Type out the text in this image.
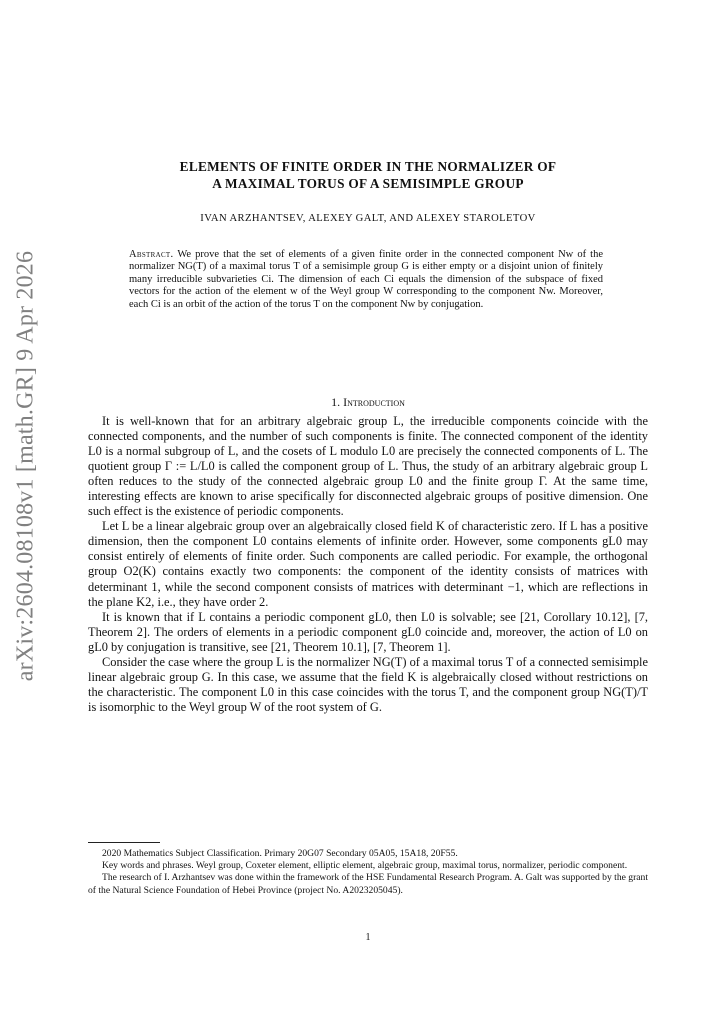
arXiv:2604.08108v1 [math.GR] 9 Apr 2026
ELEMENTS OF FINITE ORDER IN THE NORMALIZER OF
A MAXIMAL TORUS OF A SEMISIMPLE GROUP
IVAN ARZHANTSEV, ALEXEY GALT, AND ALEXEY STAROLETOV
Abstract. We prove that the set of elements of a given finite order in the connected component Nw of the normalizer NG(T) of a maximal torus T of a semisimple group G is either empty or a disjoint union of finitely many irreducible subvarieties Ci. The dimension of each Ci equals the dimension of the subspace of fixed vectors for the action of the element w of the Weyl group W corresponding to the component Nw. Moreover, each Ci is an orbit of the action of the torus T on the component Nw by conjugation.
1. Introduction

It is well-known that for an arbitrary algebraic group L, the irreducible components coincide with the connected components, and the number of such components is finite. The connected component of the identity L0 is a normal subgroup of L, and the cosets of L modulo L0 are precisely the connected components of L. The quotient group Γ := L/L0 is called the component group of L. Thus, the study of an arbitrary algebraic group L often reduces to the study of the connected algebraic group L0 and the finite group Γ. At the same time, interesting effects are known to arise specifically for disconnected algebraic groups of positive dimension. One such effect is the existence of periodic components.

Let L be a linear algebraic group over an algebraically closed field K of characteristic zero. If L has a positive dimension, then the component L0 contains elements of infinite order. However, some components gL0 may consist entirely of elements of finite order. Such components are called periodic. For example, the orthogonal group O2(K) contains exactly two components: the component of the identity consists of matrices with determinant 1, while the second component consists of matrices with determinant −1, which are reflections in the plane K2, i.e., they have order 2.

It is known that if L contains a periodic component gL0, then L0 is solvable; see [21, Corollary 10.12], [7, Theorem 2]. The orders of elements in a periodic component gL0 coincide and, moreover, the action of L0 on gL0 by conjugation is transitive, see [21, Theorem 10.1], [7, Theorem 1].

Consider the case where the group L is the normalizer NG(T) of a maximal torus T of a connected semisimple linear algebraic group G. In this case, we assume that the field K is algebraically closed without restrictions on the characteristic. The component L0 in this case coincides with the torus T, and the component group NG(T)/T is isomorphic to the Weyl group W of the root system of G.

2020 Mathematics Subject Classification. Primary 20G07 Secondary 05A05, 15A18, 20F55.

Key words and phrases. Weyl group, Coxeter element, elliptic element, algebraic group, maximal torus, normalizer, periodic component.

The research of I. Arzhantsev was done within the framework of the HSE Fundamental Research Program. A. Galt was supported by the grant of the Natural Science Foundation of Hebei Province (project No. A2023205045).

1
